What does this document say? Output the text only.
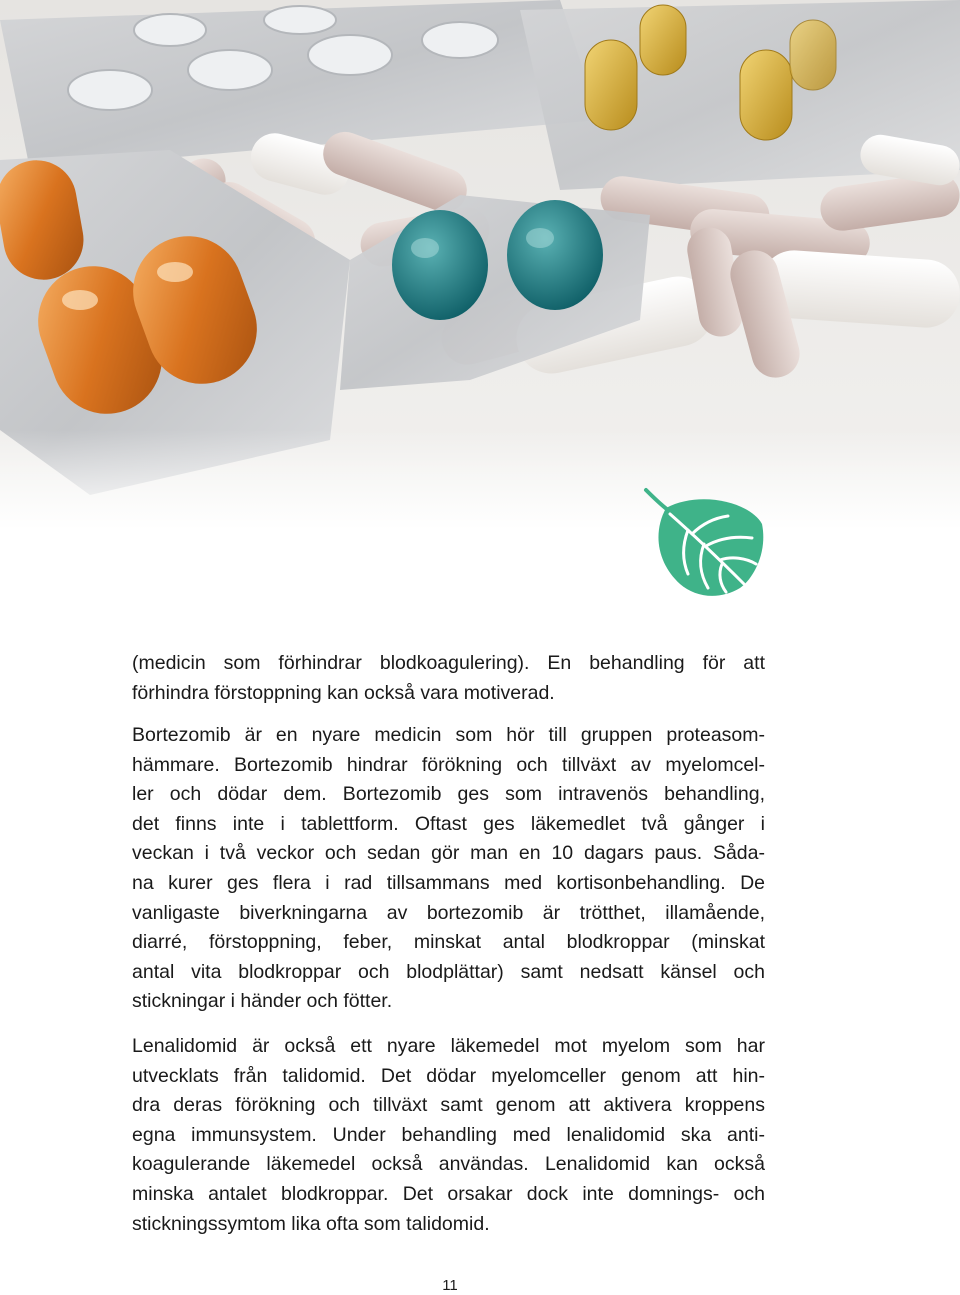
(medicin som förhindrar blodkoagulering). En behandling för att
förhindra förstoppning kan också vara motiverad.
Bortezomib är en nyare medicin som hör till gruppen proteasom-
hämmare. Bortezomib hindrar förökning och tillväxt av myelomcel-
ler och dödar dem. Bortezomib ges som intravenös behandling,
det finns inte i tablettform. Oftast ges läkemedlet två gånger i
veckan i två veckor och sedan gör man en 10 dagars paus. Såda-
na kurer ges flera i rad tillsammans med kortisonbehandling. De
vanligaste biverkningarna av bortezomib är trötthet, illamående,
diarré, förstoppning, feber, minskat antal blodkroppar (minskat
antal vita blodkroppar och blodplättar) samt nedsatt känsel och
stickningar i händer och fötter.
Lenalidomid är också ett nyare läkemedel mot myelom som har
utvecklats från talidomid. Det dödar myelomceller genom att hin-
dra deras förökning och tillväxt samt genom att aktivera kroppens
egna immunsystem. Under behandling med lenalidomid ska anti-
koagulerande läkemedel också användas. Lenalidomid kan också
minska antalet blodkroppar. Det orsakar dock inte domnings- och
stickningssymtom lika ofta som talidomid.
11
